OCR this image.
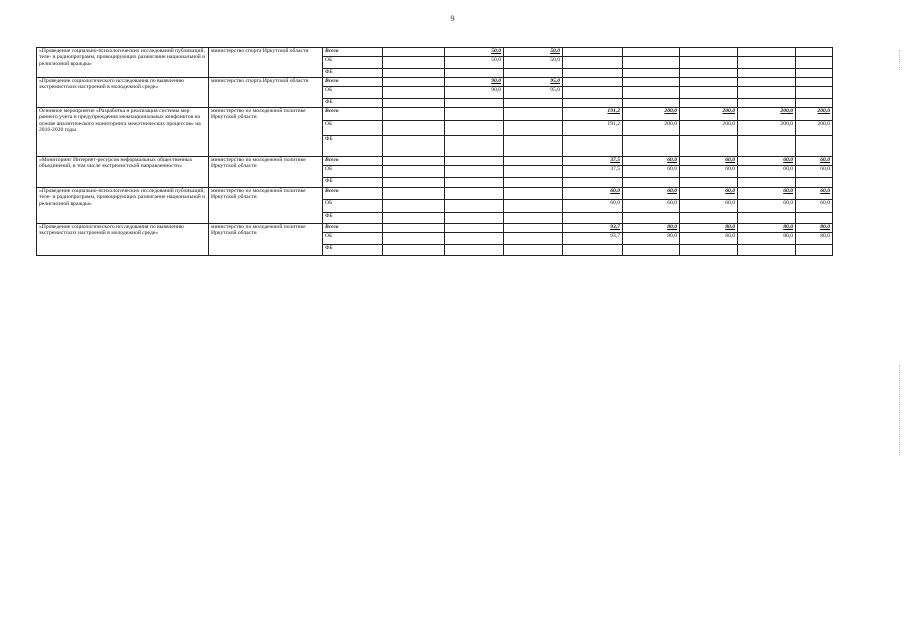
9
«Проведение социально-психологических исследований публикаций, теле- и радиопрограмм, провоцирующих разжигание национальной и религиозной вражды»	министерство спорта Иркутской области	Всего		50,0	50,0					
		ОБ		50,0	50,0					
		ФБ								
«Проведение социологического исследования по выявлению экстремистских настроений в молодежной среде»	министерство спорта Иркутской области	Всего		90,0	95,0					
		ОБ		90,0	95,0					
		ФБ								
Основное мероприятие «Разработка и реализация системы мер раннего учета и предупреждения межнациональных конфликтов на основе аналитического мониторинга межэтнических процессов» на 2016-2020 годы	министерство по молодежной политике Иркутской области	Всего				191,2	200,0	200,0	200,0	200,0
		ОБ				191,2	200,0	200,0	200,0	200,0
		ФБ								
«Мониторинг Интернет-ресурсов неформальных общественных объединений, в том числе экстремистской направленности»	министерство по молодежной политике Иркутской области	Всего				37,5	60,0	60,0	60,0	60,0
		ОБ				37,5	60,0	60,0	60,0	60,0
		ФБ								
«Проведение социально-психологических исследований публикаций, теле- и радиопрограмм, провоцирующих разжигание национальной и религиозной вражды»	министерство по молодежной политике Иркутской области	Всего				60,0	60,0	60,0	60,0	60,0
		ОБ				60,0	60,0	60,0	60,0	60,0
		ФБ								
«Проведение социологического исследования по выявлению экстремистских настроений в молодежной среде»	министерство по молодежной политике Иркутской области	Всего				93,7	80,0	80,0	80,0	80,0
		ОБ				93,7	80,0	80,0	80,0	80,0
		ФБ								
